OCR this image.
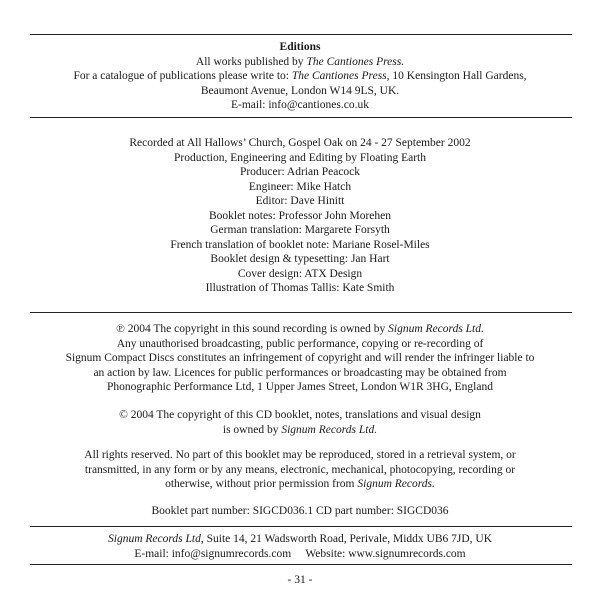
Editions
All works published by The Cantiones Press.
For a catalogue of publications please write to: The Cantiones Press, 10 Kensington Hall Gardens,
Beaumont Avenue, London W14 9LS, UK.
E-mail: info@cantiones.co.uk
Recorded at All Hallows’ Church, Gospel Oak on 24 - 27 September 2002
Production, Engineering and Editing by Floating Earth
Producer: Adrian Peacock
Engineer: Mike Hatch
Editor: Dave Hinitt
Booklet notes: Professor John Morehen
German translation: Margarete Forsyth
French translation of booklet note: Mariane Rosel-Miles
Booklet design & typesetting: Jan Hart
Cover design: ATX Design
Illustration of Thomas Tallis: Kate Smith
℗ 2004 The copyright in this sound recording is owned by Signum Records Ltd.
Any unauthorised broadcasting, public performance, copying or re-recording of
Signum Compact Discs constitutes an infringement of copyright and will render the infringer liable to
an action by law. Licences for public performances or broadcasting may be obtained from
Phonographic Performance Ltd, 1 Upper James Street, London W1R 3HG, England
© 2004 The copyright of this CD booklet, notes, translations and visual design
is owned by Signum Records Ltd.
All rights reserved. No part of this booklet may be reproduced, stored in a retrieval system, or
transmitted, in any form or by any means, electronic, mechanical, photocopying, recording or
otherwise, without prior permission from Signum Records.
Booklet part number: SIGCD036.1 CD part number: SIGCD036
Signum Records Ltd, Suite 14, 21 Wadsworth Road, Perivale, Middx UB6 7JD, UK
E-mail: info@signumrecords.com     Website: www.signumrecords.com
- 31 -
